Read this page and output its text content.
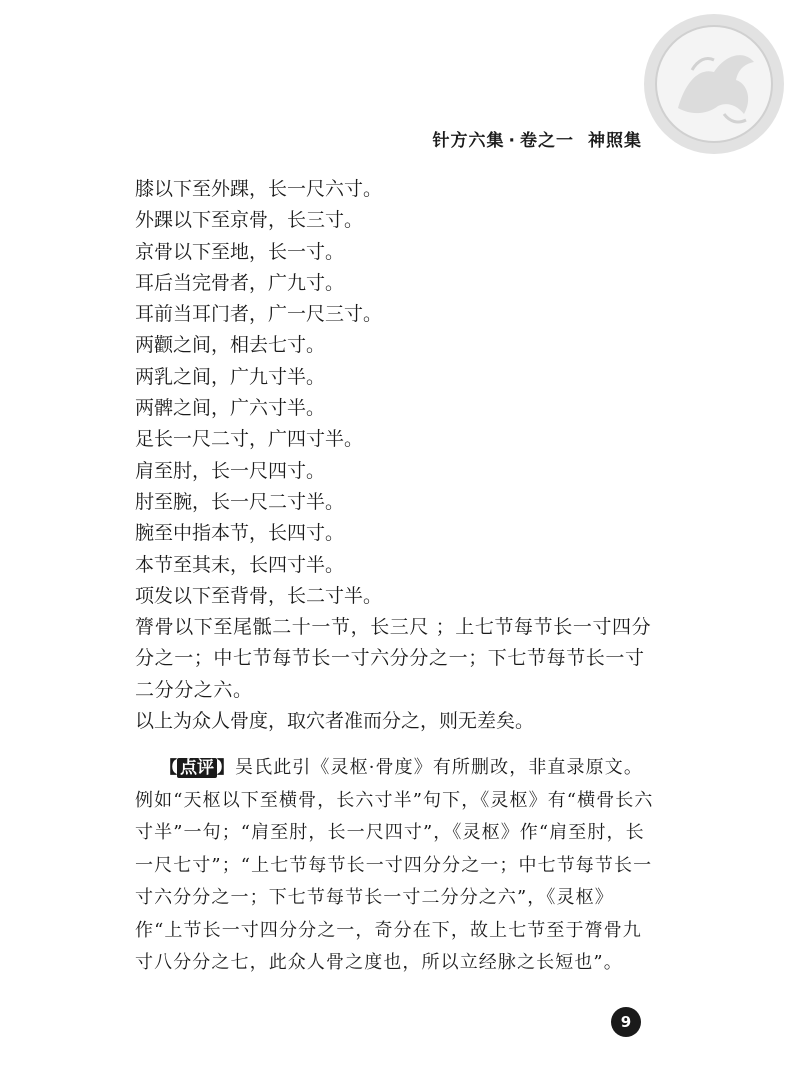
针方六集 · 卷之一 神照集

膝以下至外踝，长一尺六寸。

外踝以下至京骨，长三寸。

京骨以下至地，长一寸。

耳后当完骨者，广九寸。

耳前当耳门者，广一尺三寸。

两颧之间，相去七寸。

两乳之间，广九寸半。

两髀之间，广六寸半。

足长一尺二寸，广四寸半。

肩至肘，长一尺四寸。

肘至腕，长一尺二寸半。

腕至中指本节，长四寸。

本节至其末，长四寸半。

项发以下至背骨，长二寸半。

膂骨以下至尾骶二十一节，长三尺 ；上七节每节长一寸四分分之一；中七节每节长一寸六分分之一；下七节每节长一寸二分分之六。

以上为众人骨度，取穴者准而分之，则无差矣。

【 点评 】吴氏此引《灵枢·骨度》有所删改，非直录原文。例如“天枢以下至横骨，长六寸半”句下，《灵枢》有“横骨长六寸半”一句；“肩至肘，长一尺四寸”，《灵枢》作“肩至肘，长一尺七寸”；“上七节每节长一寸四分分之一；中七节每节长一寸六分分之一；下七节每节长一寸二分分之六”，《灵枢》作“上节长一寸四分分之一，奇分在下，故上七节至于膂骨九寸八分分之七，此众人骨之度也，所以立经脉之长短也”。
9
